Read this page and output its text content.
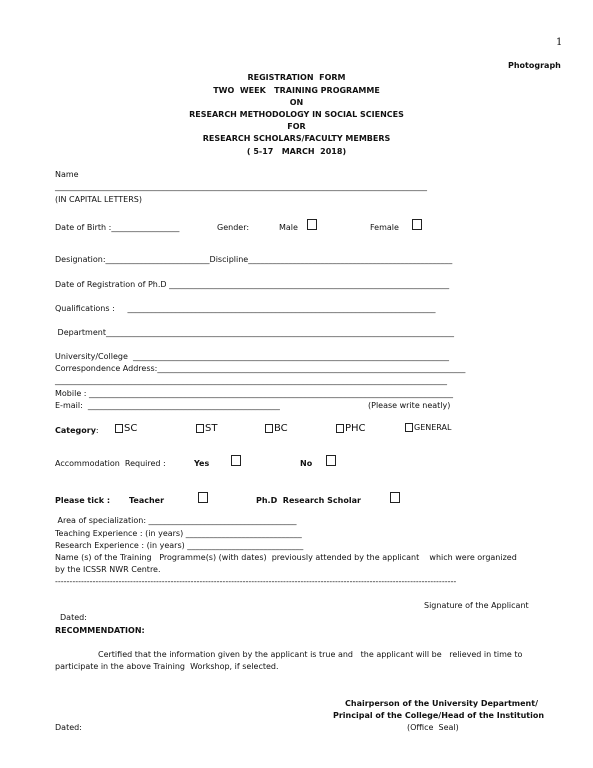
1
Photograph
REGISTRATION  FORM
TWO  WEEK   TRAINING PROGRAMME
ON
RESEARCH METHODOLOGY IN SOCIAL SCIENCES
FOR
RESEARCH SCHOLARS/FACULTY MEMBERS
( 5-17   MARCH  2018)
Name
_____________________________________________________________________________________________
(IN CAPITAL LETTERS)
Date of Birth :_________________	Gender:	Male	Female
Designation:__________________________Discipline___________________________________________________
Date of Registration of Ph.D ______________________________________________________________________
Qualifications :     _____________________________________________________________________________
Department_______________________________________________________________________________________
University/College  _______________________________________________________________________________
Correspondence Address:_____________________________________________________________________________
__________________________________________________________________________________________________
Mobile : ___________________________________________________________________________________________
E-mail:  ________________________________________________	(Please write neatly)
Category:	SC	ST	BC	PHC	GENERAL
Accommodation  Required :	Yes	No
Please tick : Teacher	Ph.D  Research Scholar
Area of specialization: _____________________________________
Teaching Experience : (in years) _____________________________
Research Experience : (in years) _____________________________
Name (s) of the Training   Programme(s) (with dates)  previously attended by the applicant    which were organized
by the ICSSR NWR Centre.
-------------------------------------------------------------------------------------------------------------------------------------------
Signature of the Applicant
Dated:
RECOMMENDATION:
Certified that the information given by the applicant is true and   the applicant will be   relieved in time to
participate in the above Training  Workshop, if selected.
Chairperson of the University Department/
Principal of the College/Head of the Institution
(Office  Seal)
Dated:
